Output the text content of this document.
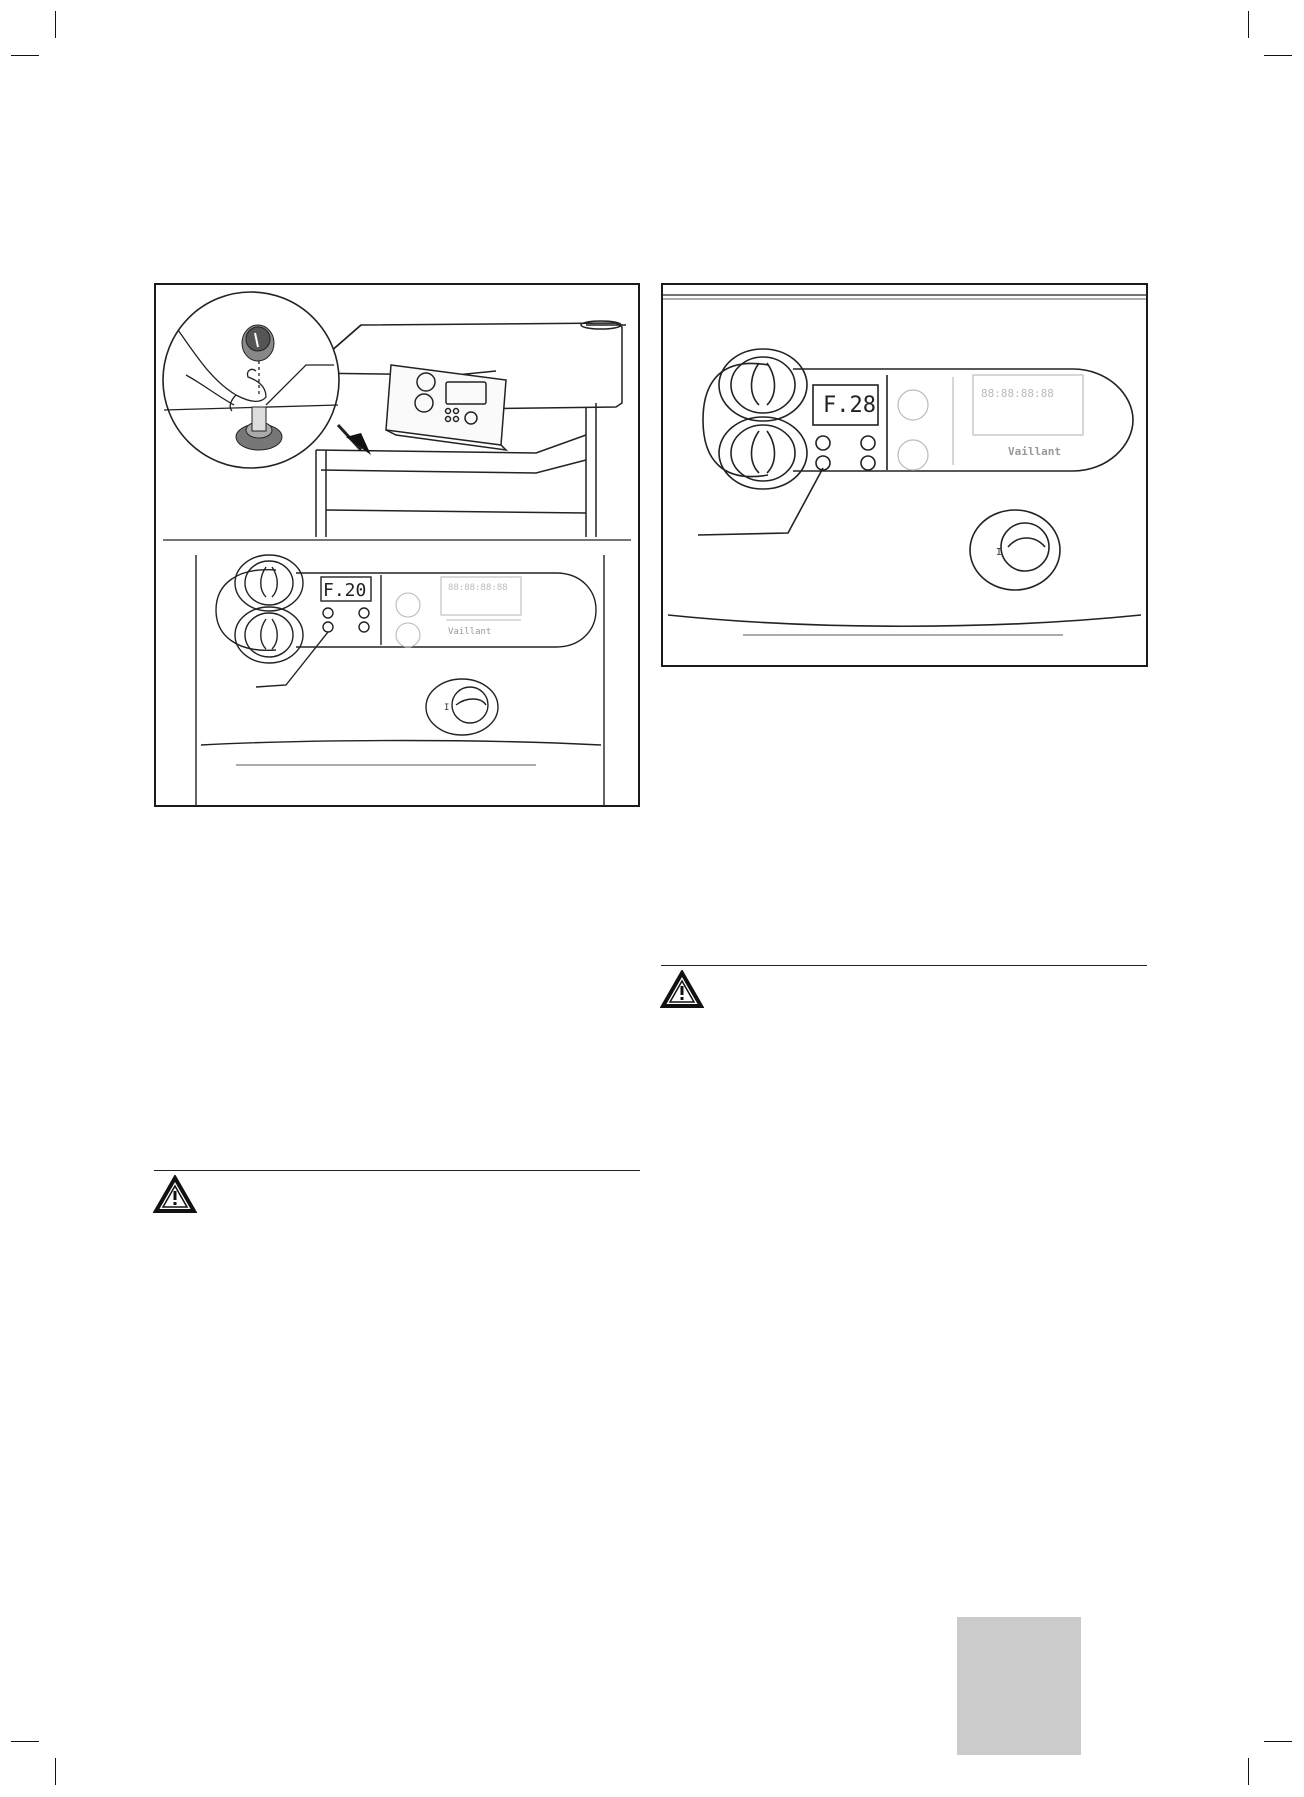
88:88:88:88
Vaillant
F.20
I
88:88:88:88
Vaillant
F.28
I
